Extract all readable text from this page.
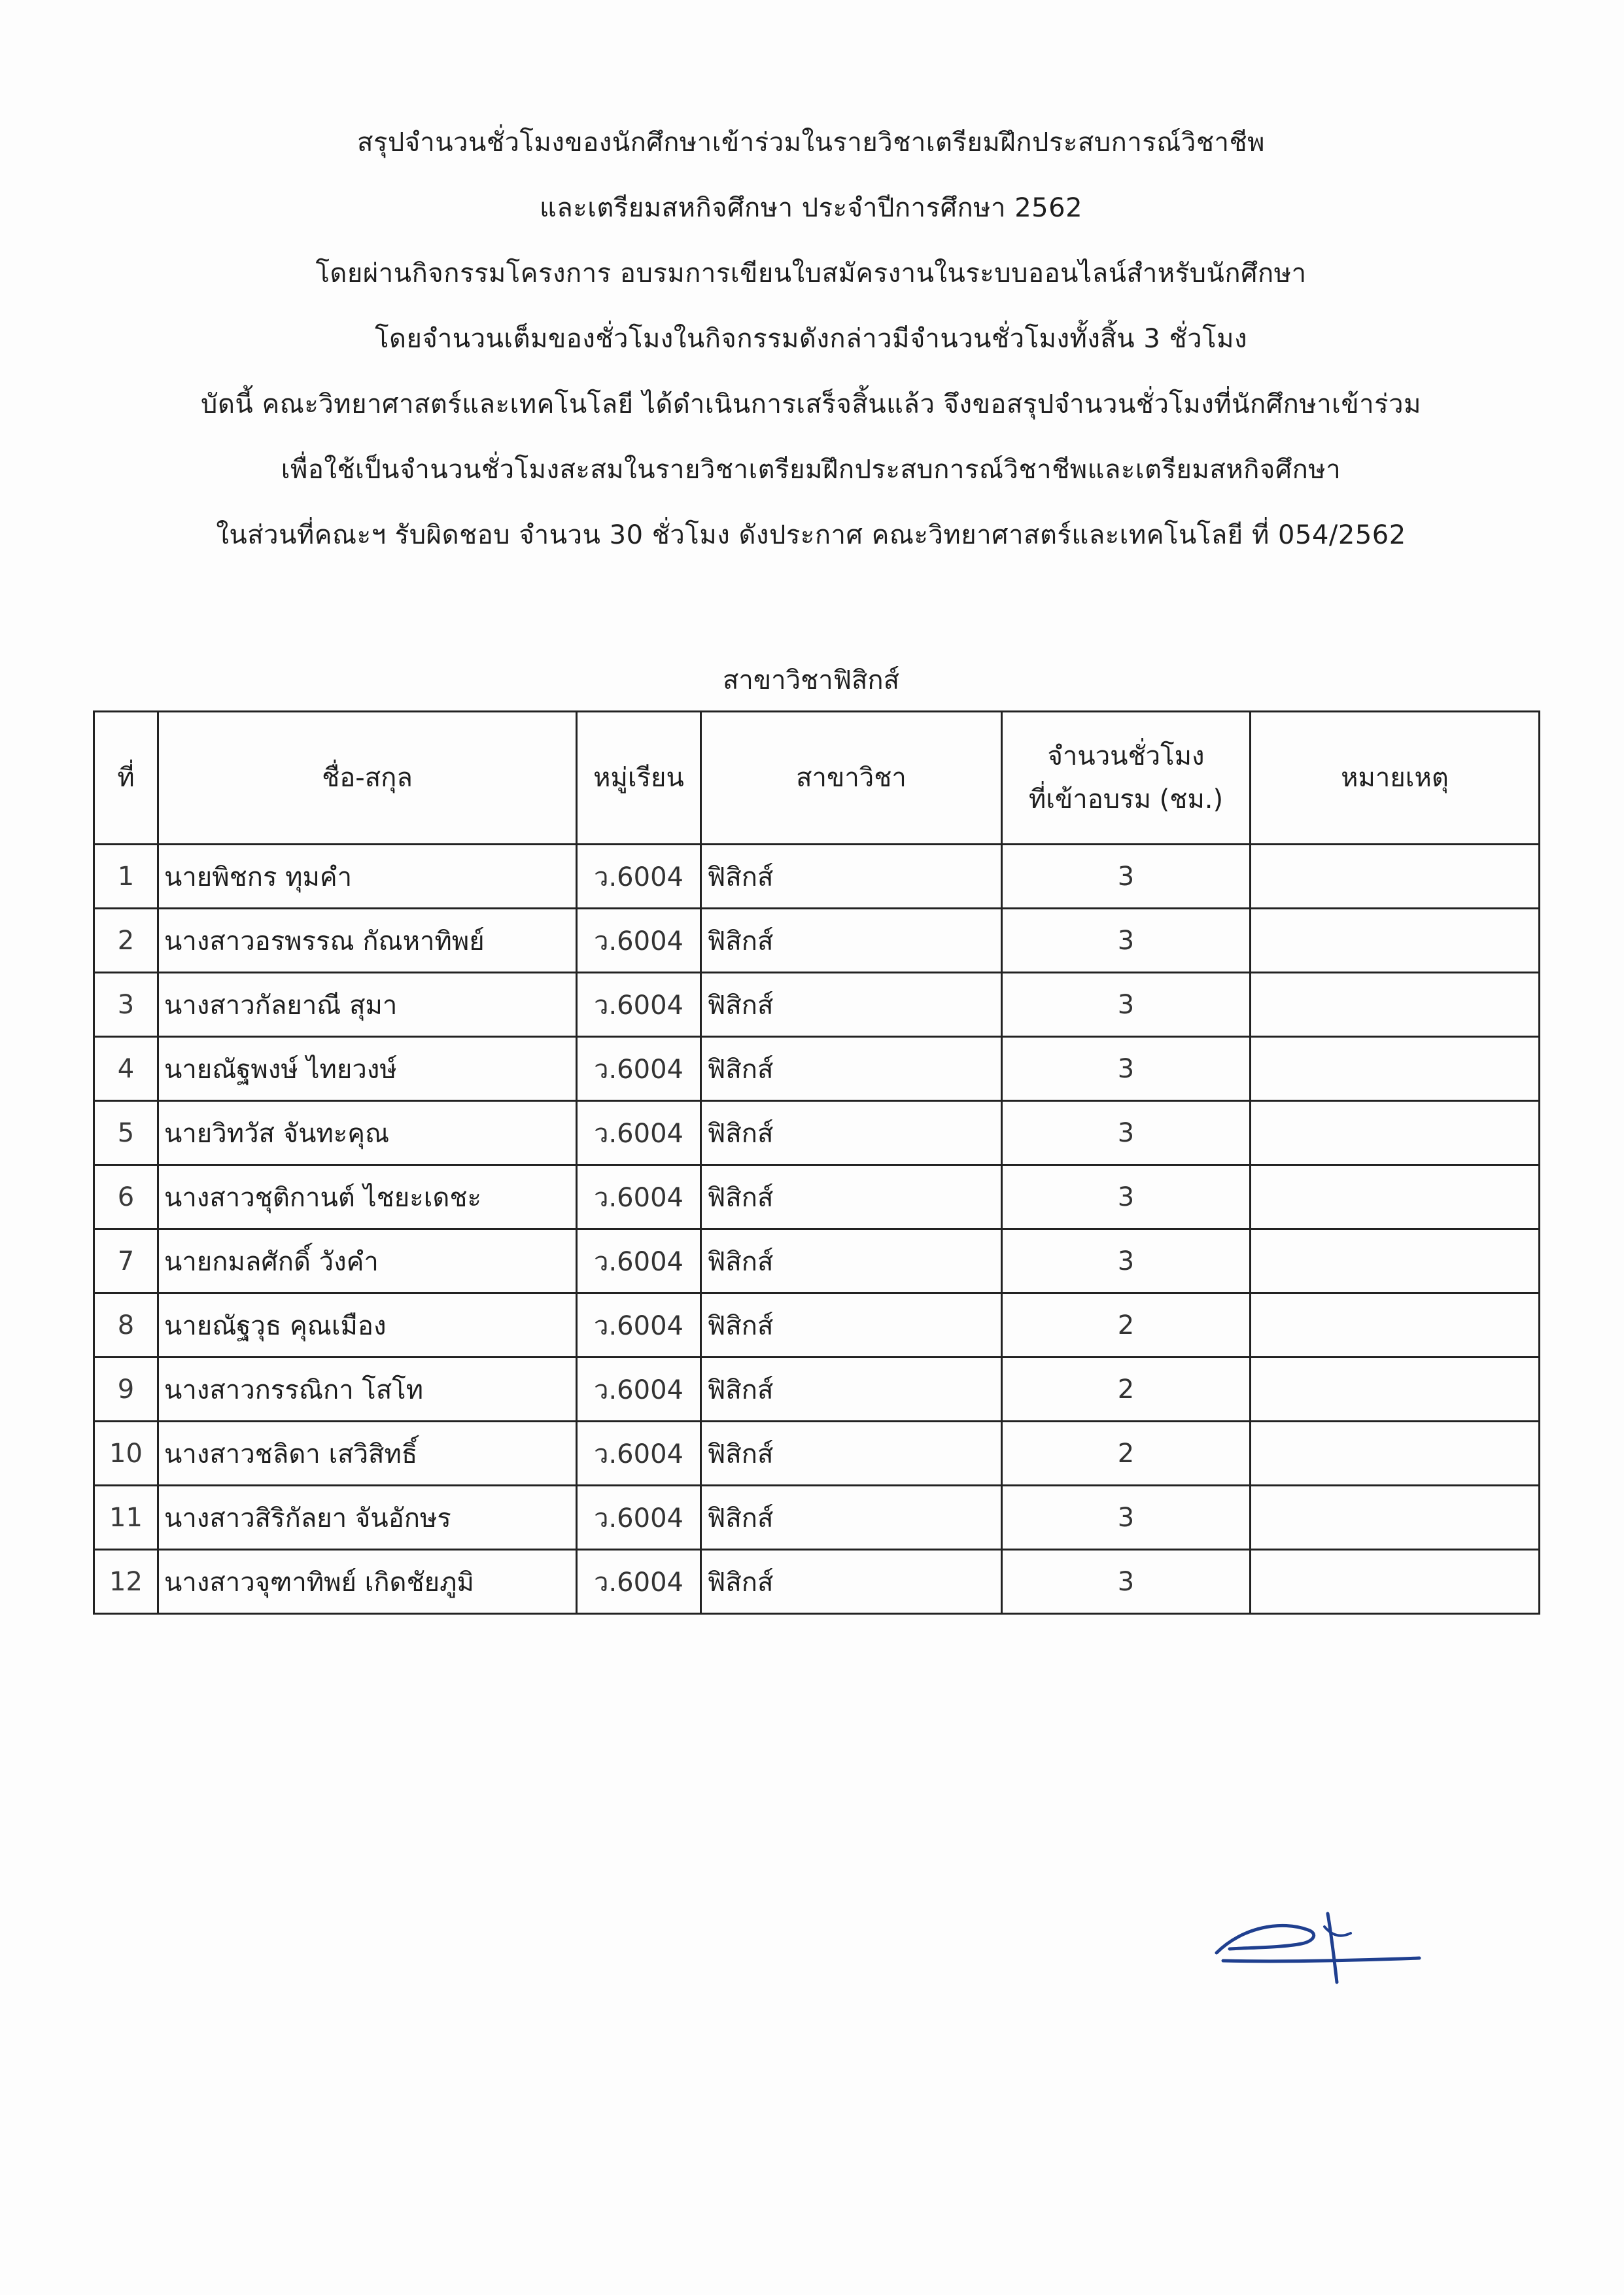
สรุปจำนวนชั่วโมงของนักศึกษาเข้าร่วมในรายวิชาเตรียมฝึกประสบการณ์วิชาชีพ
และเตรียมสหกิจศึกษา ประจำปีการศึกษา 2562
โดยผ่านกิจกรรมโครงการ อบรมการเขียนใบสมัครงานในระบบออนไลน์สำหรับนักศึกษา
โดยจำนวนเต็มของชั่วโมงในกิจกรรมดังกล่าวมีจำนวนชั่วโมงทั้งสิ้น 3 ชั่วโมง
บัดนี้ คณะวิทยาศาสตร์และเทคโนโลยี ได้ดำเนินการเสร็จสิ้นแล้ว จึงขอสรุปจำนวนชั่วโมงที่นักศึกษาเข้าร่วม
เพื่อใช้เป็นจำนวนชั่วโมงสะสมในรายวิชาเตรียมฝึกประสบการณ์วิชาชีพและเตรียมสหกิจศึกษา
ในส่วนที่คณะฯ รับผิดชอบ จำนวน 30 ชั่วโมง ดังประกาศ คณะวิทยาศาสตร์และเทคโนโลยี ที่ 054/2562
สาขาวิชาฟิสิกส์
ที่	ชื่อ-สกุล	หมู่เรียน	สาขาวิชา	จำนวนชั่วโมง
ที่เข้าอบรม (ชม.)	หมายเหตุ
1	นายพิชกร ทุมคำ	ว.6004	ฟิสิกส์	3	
2	นางสาวอรพรรณ กัณหาทิพย์	ว.6004	ฟิสิกส์	3	
3	นางสาวกัลยาณี สุมา	ว.6004	ฟิสิกส์	3	
4	นายณัฐพงษ์ ไทยวงษ์	ว.6004	ฟิสิกส์	3	
5	นายวิทวัส จันทะคุณ	ว.6004	ฟิสิกส์	3	
6	นางสาวชุติกานต์ ไชยะเดชะ	ว.6004	ฟิสิกส์	3	
7	นายกมลศักดิ์ วังคำ	ว.6004	ฟิสิกส์	3	
8	นายณัฐวุธ คุณเมือง	ว.6004	ฟิสิกส์	2	
9	นางสาวกรรณิกา โสโท	ว.6004	ฟิสิกส์	2	
10	นางสาวชลิดา เสวิสิทธิ์	ว.6004	ฟิสิกส์	2	
11	นางสาวสิริกัลยา จันอักษร	ว.6004	ฟิสิกส์	3	
12	นางสาวจุฑาทิพย์ เกิดชัยภูมิ	ว.6004	ฟิสิกส์	3	
